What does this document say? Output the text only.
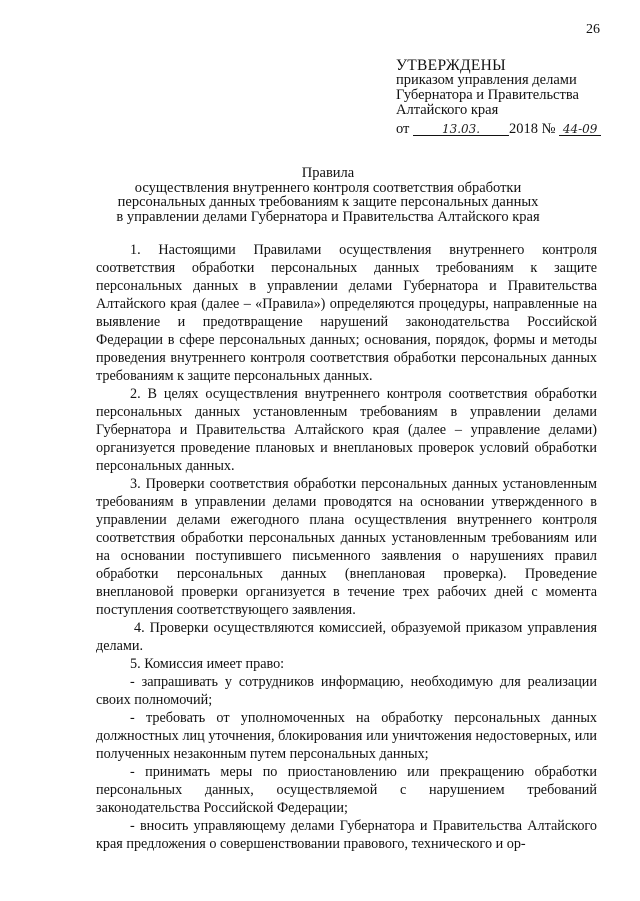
26
УТВЕРЖДЕНЫ
приказом управления делами
Губернатора и Правительства
Алтайского края
от	13.03. 2018 № 44-09
Правила
осуществления внутреннего контроля соответствия обработки
персональных данных требованиям к защите персональных данных
в управлении делами Губернатора и Правительства Алтайского края

1. Настоящими Правилами осуществления внутреннего контроля соответствия обработки персональных данных требованиям к защите персональных данных в управлении делами Губернатора и Правительства Алтайского края (далее – «Правила») определяются процедуры, направленные на выявление и предотвращение нарушений законодательства Российской Федерации в сфере персональных данных; основания, порядок, формы и методы проведения внутреннего контроля соответствия обработки персональных данных требованиям к защите персональных данных.

2. В целях осуществления внутреннего контроля соответствия обработки персональных данных установленным требованиям в управлении делами Губернатора и Правительства Алтайского края (далее – управление делами) организуется проведение плановых и внеплановых проверок условий обработки персональных данных.

3. Проверки соответствия обработки персональных данных установленным требованиям в управлении делами проводятся на основании утвержденного в управлении делами ежегодного плана осуществления внутреннего контроля соответствия обработки персональных данных установленным требованиям или на основании поступившего письменного заявления о нарушениях правил обработки персональных данных (внеплановая проверка). Проведение внеплановой проверки организуется в течение трех рабочих дней с момента поступления соответствующего заявления.

4. Проверки осуществляются комиссией, образуемой приказом управления делами.

5. Комиссия имеет право:

- запрашивать у сотрудников информацию, необходимую для реализации своих полномочий;

- требовать от уполномоченных на обработку персональных данных должностных лиц уточнения, блокирования или уничтожения недостоверных, или полученных незаконным путем персональных данных;

- принимать меры по приостановлению или прекращению обработки персональных данных, осуществляемой с нарушением требований законодательства Российской Федерации;

- вносить управляющему делами Губернатора и Правительства Алтайского края предложения о совершенствовании правового, технического и ор-
